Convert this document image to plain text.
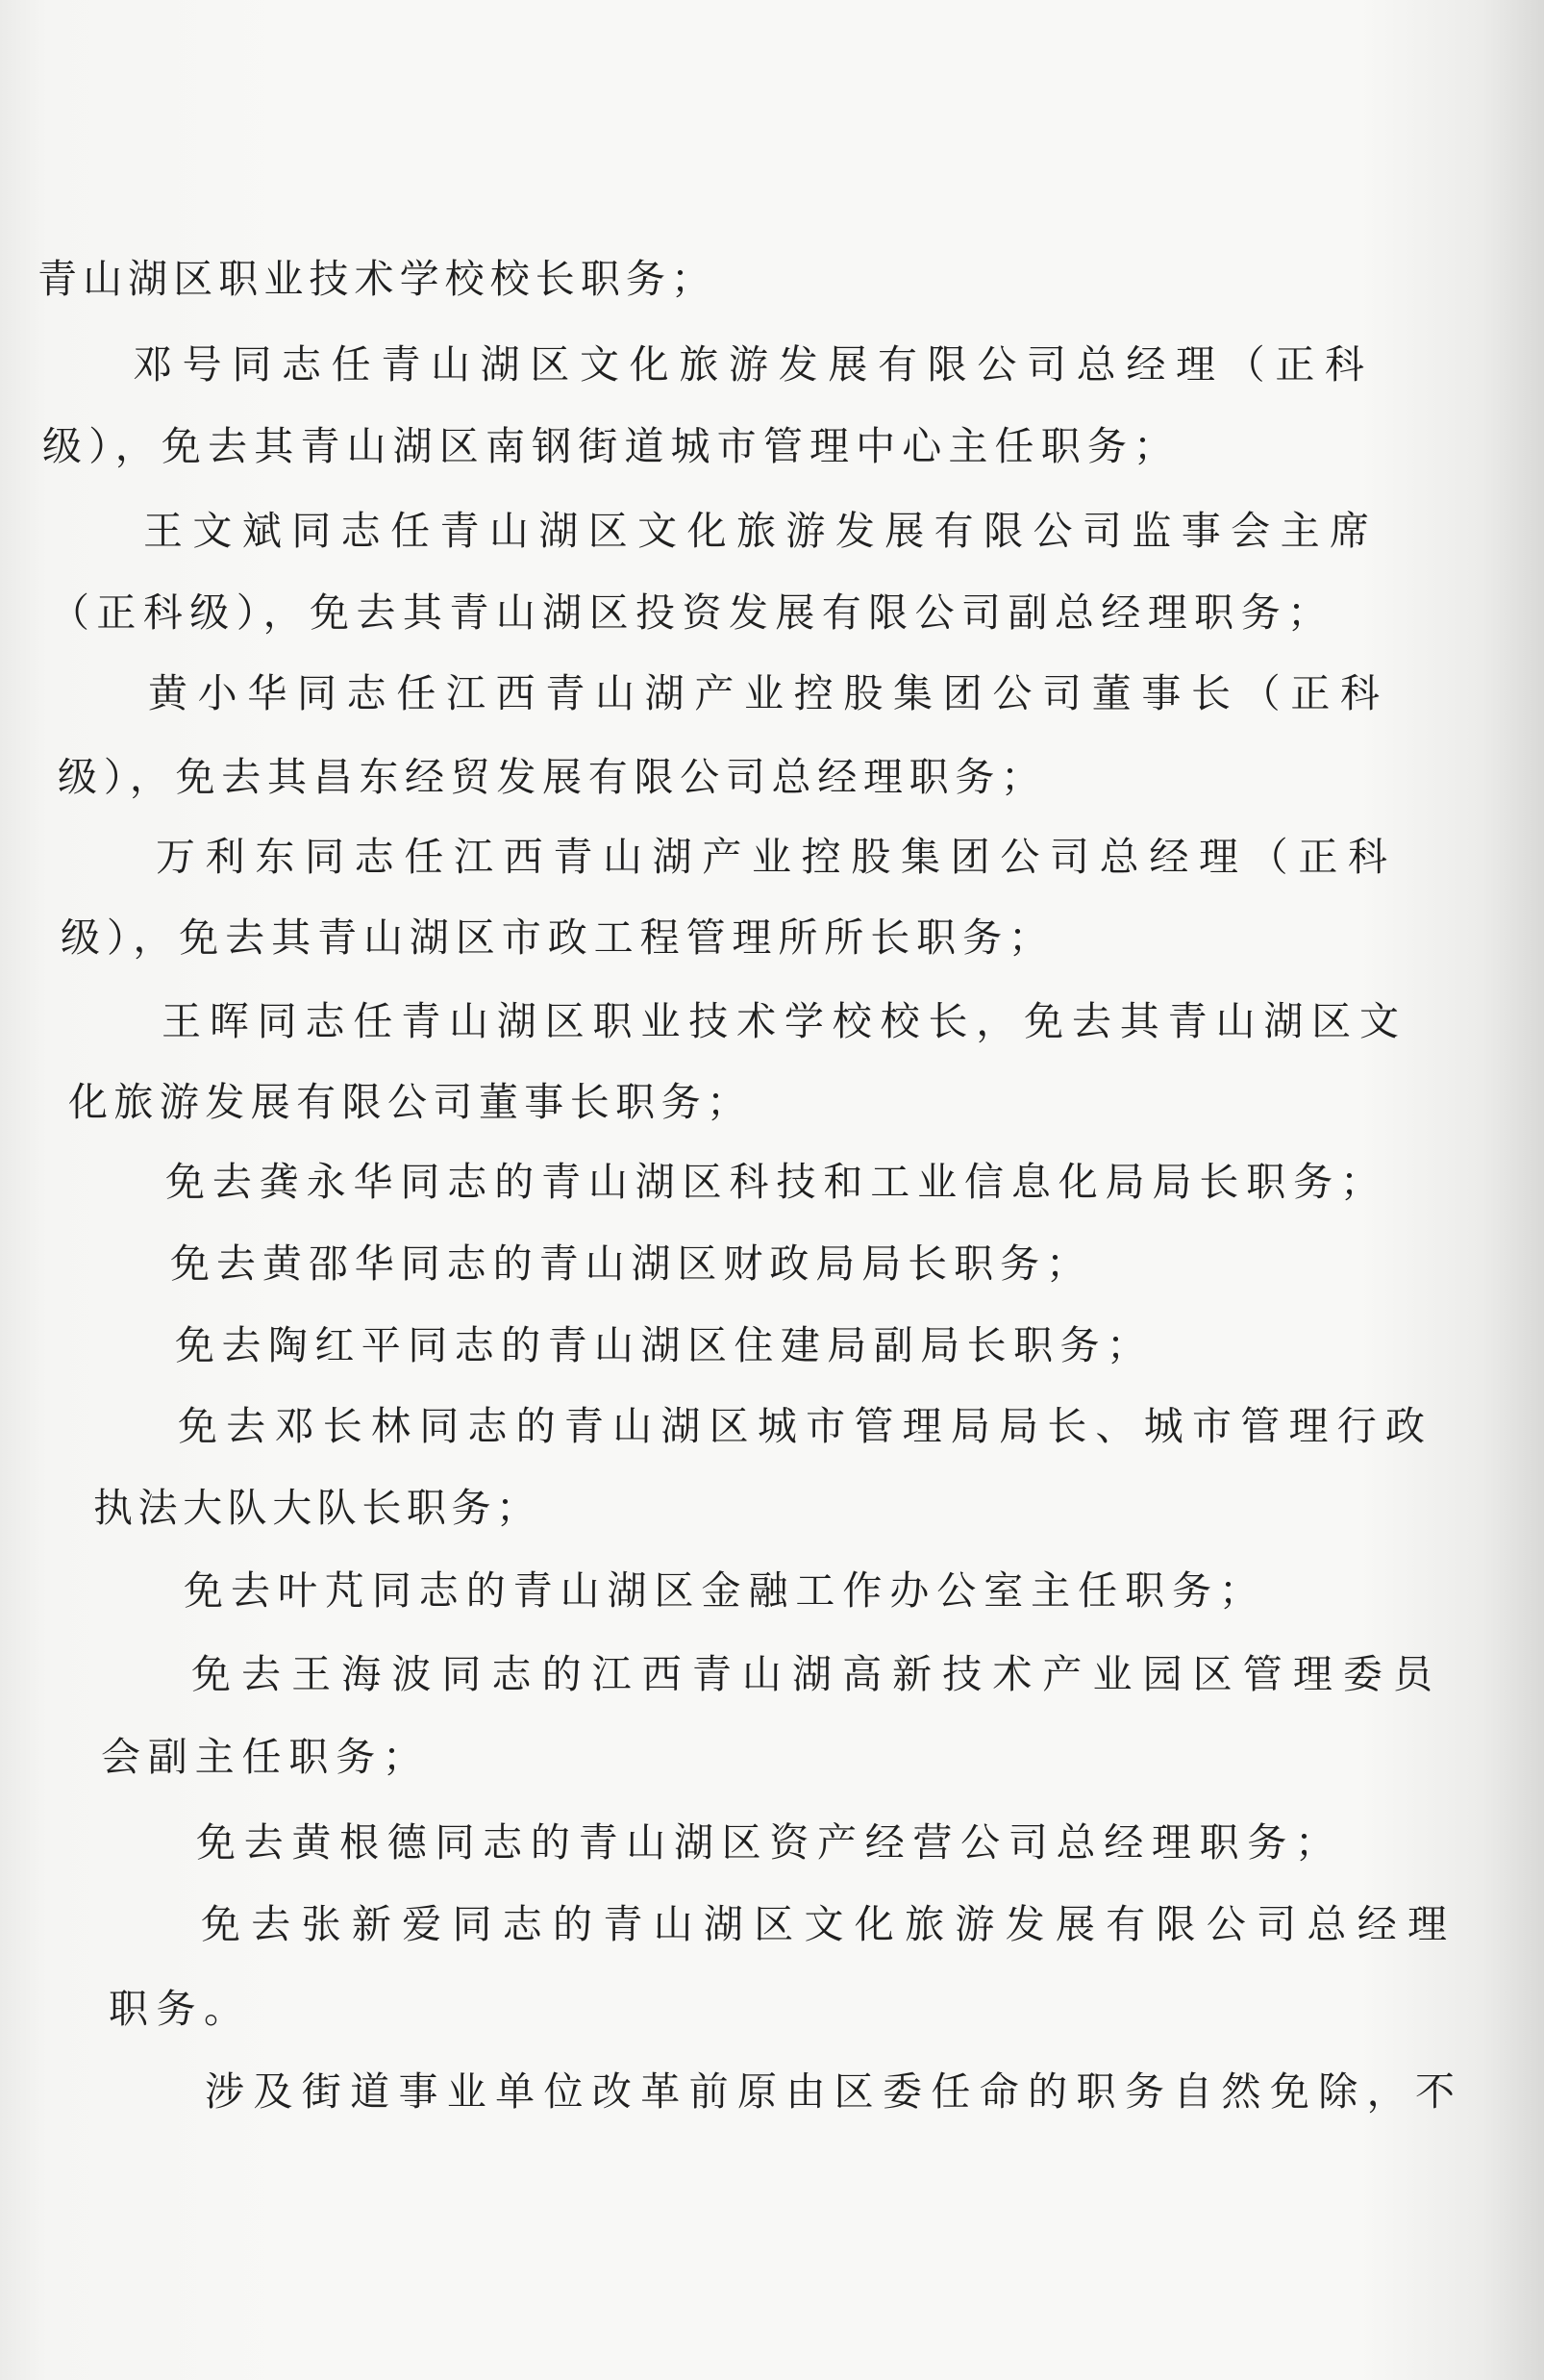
青山湖区职业技术学校校长职务；
邓号同志任青山湖区文化旅游发展有限公司总经理（正科
级），免去其青山湖区南钢街道城市管理中心主任职务；
王文斌同志任青山湖区文化旅游发展有限公司监事会主席
（正科级），免去其青山湖区投资发展有限公司副总经理职务；
黄小华同志任江西青山湖产业控股集团公司董事长（正科
级），免去其昌东经贸发展有限公司总经理职务；
万利东同志任江西青山湖产业控股集团公司总经理（正科
级），免去其青山湖区市政工程管理所所长职务；
王晖同志任青山湖区职业技术学校校长，免去其青山湖区文
化旅游发展有限公司董事长职务；
免去龚永华同志的青山湖区科技和工业信息化局局长职务；
免去黄邵华同志的青山湖区财政局局长职务；
免去陶红平同志的青山湖区住建局副局长职务；
免去邓长林同志的青山湖区城市管理局局长、城市管理行政
执法大队大队长职务；
免去叶芃同志的青山湖区金融工作办公室主任职务；
免去王海波同志的江西青山湖高新技术产业园区管理委员
会副主任职务；
免去黄根德同志的青山湖区资产经营公司总经理职务；
免去张新爱同志的青山湖区文化旅游发展有限公司总经理
职务。
涉及街道事业单位改革前原由区委任命的职务自然免除，不
